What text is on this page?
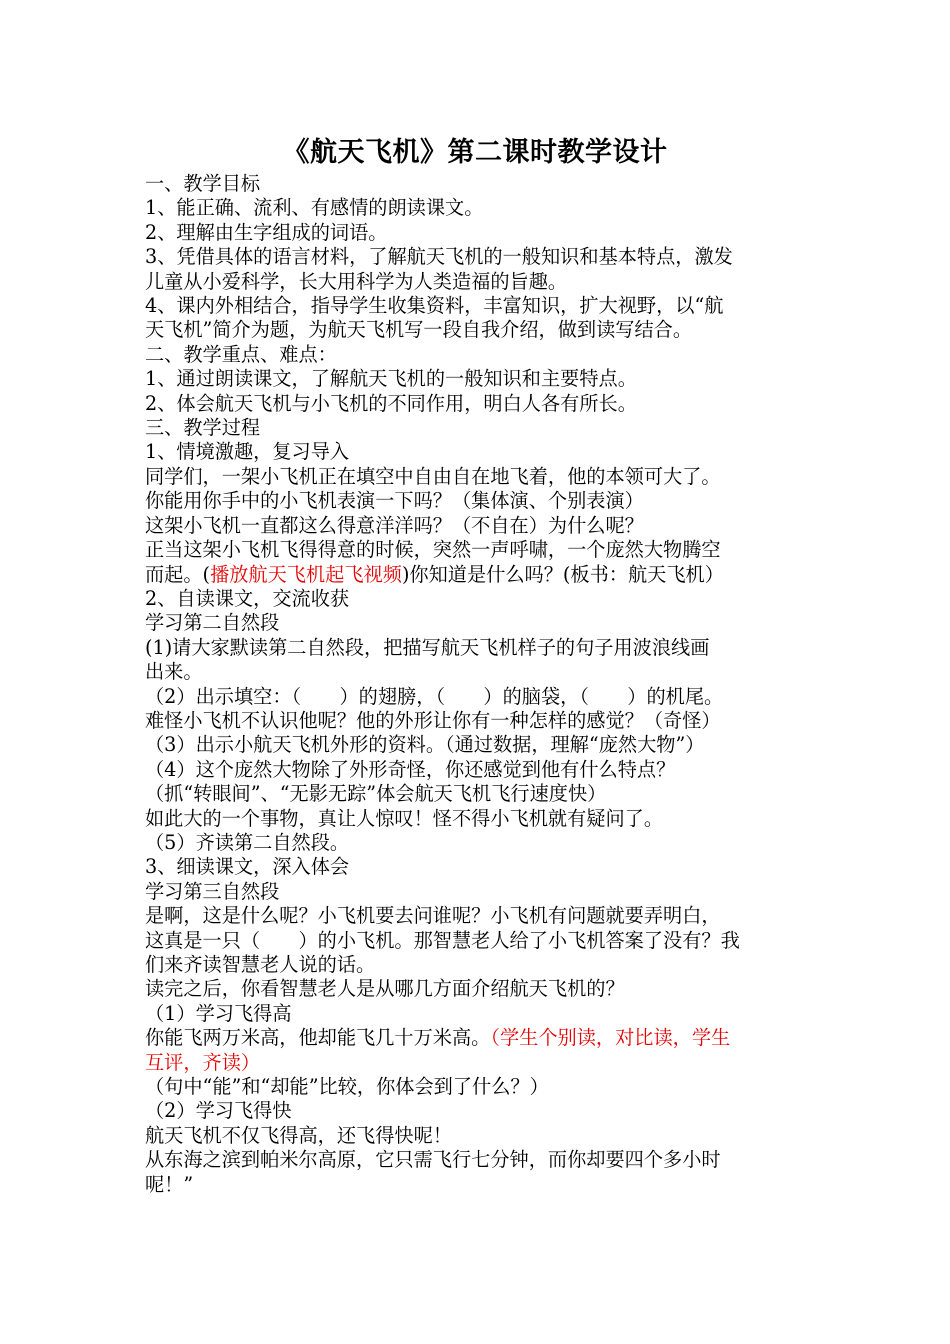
《航天飞机》第二课时教学设计
一、教学目标
1、能正确、流利、有感情的朗读课文。
2、理解由生字组成的词语。
3、凭借具体的语言材料，了解航天飞机的一般知识和基本特点，激发
儿童从小爱科学，长大用科学为人类造福的旨趣。
4、课内外相结合，指导学生收集资料，丰富知识，扩大视野，以“航
天飞机”简介为题，为航天飞机写一段自我介绍，做到读写结合。
二、教学重点、难点：
1、通过朗读课文，了解航天飞机的一般知识和主要特点。
2、体会航天飞机与小飞机的不同作用，明白人各有所长。
三、教学过程
1、情境激趣，复习导入
同学们，一架小飞机正在填空中自由自在地飞着，他的本领可大了。
你能用你手中的小飞机表演一下吗？（集体演、个别表演）
这架小飞机一直都这么得意洋洋吗？（不自在）为什么呢？
正当这架小飞机飞得得意的时候，突然一声呼啸，一个庞然大物腾空
而起。(播放航天飞机起飞视频)你知道是什么吗？(板书：航天飞机）
2、自读课文，交流收获
学习第二自然段
(1)请大家默读第二自然段，把描写航天飞机样子的句子用波浪线画
出来。
（2）出示填空：（　　）的翅膀，（　　）的脑袋，（　　）的机尾。
难怪小飞机不认识他呢？他的外形让你有一种怎样的感觉？（奇怪）
（3）出示小航天飞机外形的资料。（通过数据，理解“庞然大物”）
（4）这个庞然大物除了外形奇怪，你还感觉到他有什么特点？
（抓“转眼间”、“无影无踪”体会航天飞机飞行速度快）
如此大的一个事物，真让人惊叹！怪不得小飞机就有疑问了。
（5）齐读第二自然段。
3、细读课文，深入体会
学习第三自然段
是啊，这是什么呢？小飞机要去问谁呢？小飞机有问题就要弄明白，
这真是一只（　　）的小飞机。那智慧老人给了小飞机答案了没有？我
们来齐读智慧老人说的话。
读完之后，你看智慧老人是从哪几方面介绍航天飞机的？
（1）学习飞得高
你能飞两万米高，他却能飞几十万米高。（学生个别读，对比读，学生
互评，齐读）
（句中“能”和“却能”比较，你体会到了什么？）
（2）学习飞得快
航天飞机不仅飞得高，还飞得快呢！
从东海之滨到帕米尔高原，它只需飞行七分钟，而你却要四个多小时
呢！”
